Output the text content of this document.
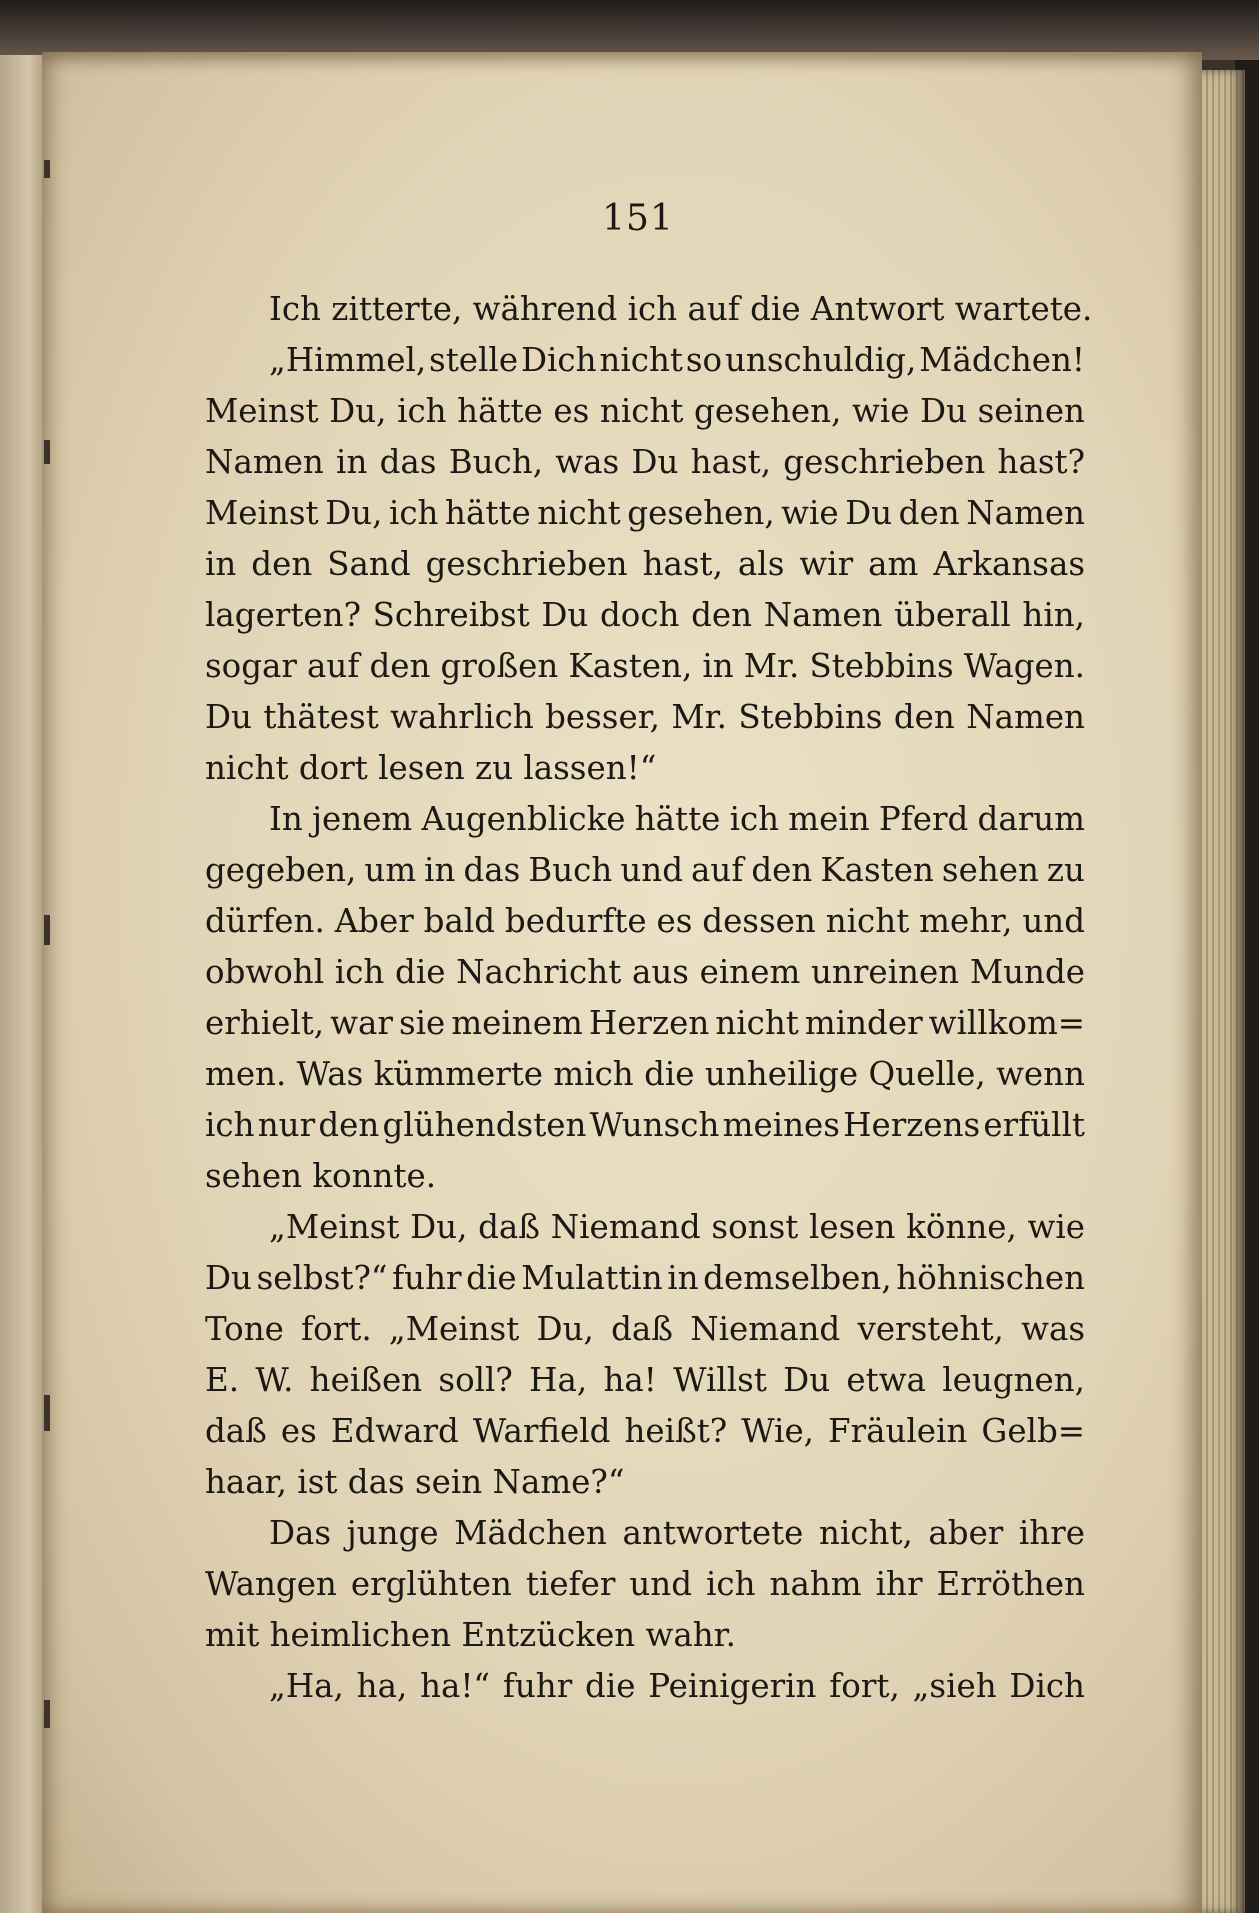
151

Ich zitterte, während ich auf die Antwort wartete.

„Himmel, stelle Dich nicht so unschuldig, Mädchen!
Meinst Du, ich hätte es nicht gesehen, wie Du seinen
Namen in das Buch, was Du hast, geschrieben hast?
Meinst Du, ich hätte nicht gesehen, wie Du den Namen
in den Sand geschrieben hast, als wir am Arkansas
lagerten? Schreibst Du doch den Namen überall hin,
sogar auf den großen Kasten, in Mr. Stebbins Wagen.
Du thätest wahrlich besser, Mr. Stebbins den Namen
nicht dort lesen zu lassen!“

In jenem Augenblicke hätte ich mein Pferd darum
gegeben, um in das Buch und auf den Kasten sehen zu
dürfen. Aber bald bedurfte es dessen nicht mehr, und
obwohl ich die Nachricht aus einem unreinen Munde
erhielt, war sie meinem Herzen nicht minder willkom=
men. Was kümmerte mich die unheilige Quelle, wenn
ich nur den glühendsten Wunsch meines Herzens erfüllt
sehen konnte.

„Meinst Du, daß Niemand sonst lesen könne, wie
Du selbst?“ fuhr die Mulattin in demselben, höhnischen
Tone fort. „Meinst Du, daß Niemand versteht, was
E. W. heißen soll? Ha, ha! Willst Du etwa leugnen,
daß es Edward Warfield heißt? Wie, Fräulein Gelb=
haar, ist das sein Name?“

Das junge Mädchen antwortete nicht, aber ihre
Wangen erglühten tiefer und ich nahm ihr Erröthen
mit heimlichen Entzücken wahr.

„Ha, ha, ha!“ fuhr die Peinigerin fort, „sieh Dich
